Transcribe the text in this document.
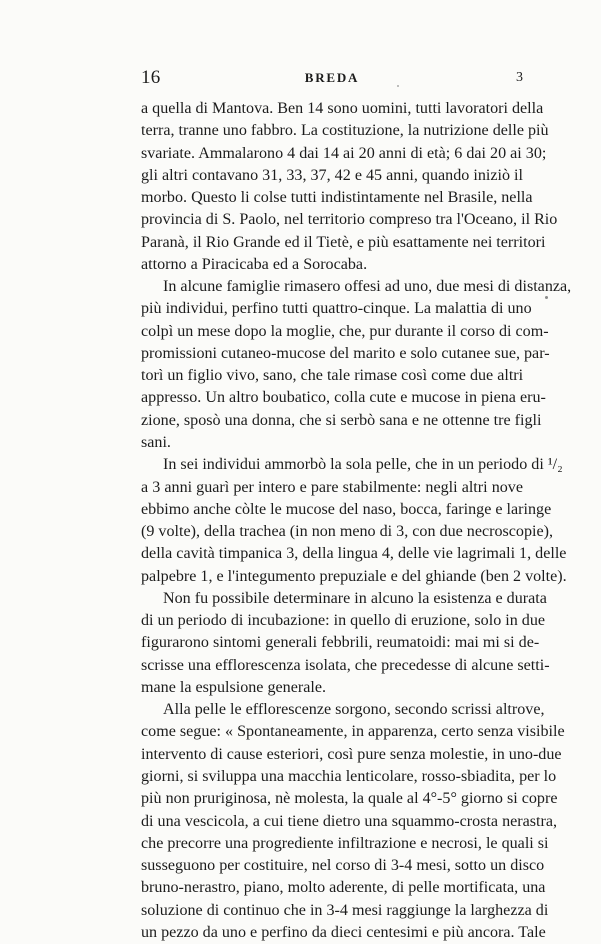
16	BREDA	3
a quella di Mantova. Ben 14 sono uomini, tutti lavoratori della
terra, tranne uno fabbro. La costituzione, la nutrizione delle più
svariate. Ammalarono 4 dai 14 ai 20 anni di età; 6 dai 20 ai 30;
gli altri contavano 31, 33, 37, 42 e 45 anni, quando iniziò il
morbo. Questo li colse tutti indistintamente nel Brasile, nella
provincia di S. Paolo, nel territorio compreso tra l'Oceano, il Rio
Paranà, il Rio Grande ed il Tietè, e più esattamente nei territori
attorno a Piracicaba ed a Sorocaba.
In alcune famiglie rimasero offesi ad uno, due mesi di distanza,
più individui, perfino tutti quattro-cinque. La malattia di uno
colpì un mese dopo la moglie, che, pur durante il corso di com-
promissioni cutaneo-mucose del marito e solo cutanee sue, par-
torì un figlio vivo, sano, che tale rimase così come due altri
appresso. Un altro boubatico, colla cute e mucose in piena eru-
zione, sposò una donna, che si serbò sana e ne ottenne tre figli
sani.
In sei individui ammorbò la sola pelle, che in un periodo di ¹/₂
a 3 anni guarì per intero e pare stabilmente: negli altri nove
ebbimo anche còlte le mucose del naso, bocca, faringe e laringe
(9 volte), della trachea (in non meno di 3, con due necroscopie),
della cavità timpanica 3, della lingua 4, delle vie lagrimali 1, delle
palpebre 1, e l'integumento prepuziale e del ghiande (ben 2 volte).
Non fu possibile determinare in alcuno la esistenza e durata
di un periodo di incubazione: in quello di eruzione, solo in due
figurarono sintomi generali febbrili, reumatoidi: mai mi si de-
scrisse una efflorescenza isolata, che precedesse di alcune setti-
mane la espulsione generale.
Alla pelle le efflorescenze sorgono, secondo scrissi altrove,
come segue: « Spontaneamente, in apparenza, certo senza visibile
intervento di cause esteriori, così pure senza molestie, in uno-due
giorni, si sviluppa una macchia lenticolare, rosso-sbiadita, per lo
più non pruriginosa, nè molesta, la quale al 4°-5° giorno si copre
di una vescicola, a cui tiene dietro una squammo-crosta nerastra,
che precorre una progrediente infiltrazione e necrosi, le quali si
susseguono per costituire, nel corso di 3-4 mesi, sotto un disco
bruno-nerastro, piano, molto aderente, di pelle mortificata, una
soluzione di continuo che in 3-4 mesi raggiunge la larghezza di
un pezzo da uno e perfino da dieci centesimi e più ancora. Tale
